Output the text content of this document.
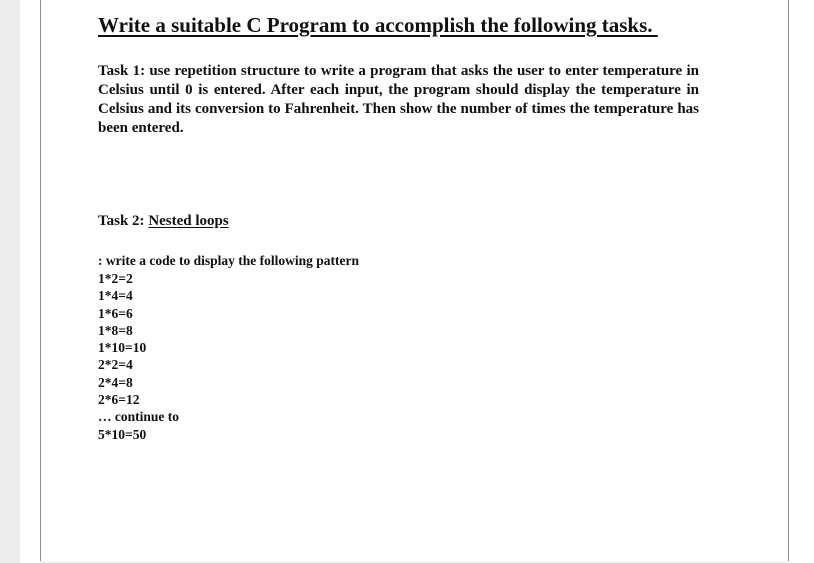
Write a suitable C Program to accomplish the following tasks.

Task 1: use repetition structure to write a program that asks the user to enter temperature in Celsius until 0 is entered. After each input, the program should display the temperature in Celsius and its conversion to Fahrenheit. Then show the number of times the temperature has been entered.

Task 2: Nested loops

: write a code to display the following pattern

1*2=2
1*4=4
1*6=6
1*8=8
1*10=10
2*2=4
2*4=8
2*6=12
… continue to
5*10=50
